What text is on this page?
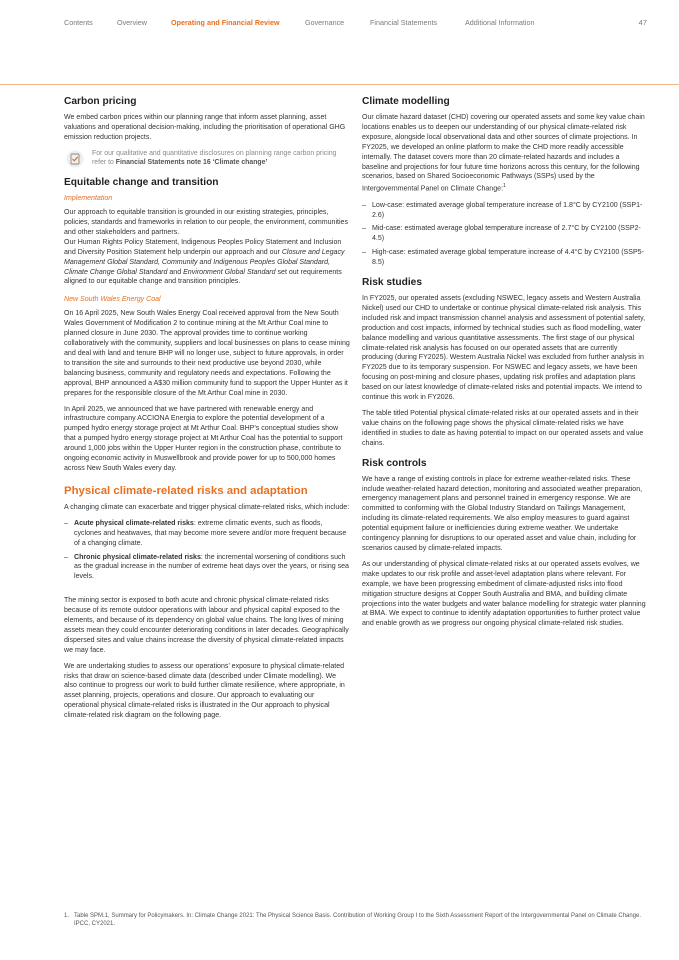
Contents	Overview	Operating and Financial Review	Governance	Financial Statements	Additional Information	47
Carbon pricing

We embed carbon prices within our planning range that inform asset planning, asset valuations and operational decision-making, including the prioritisation of operational GHG emission reduction projects.

For our qualitative and quantitative disclosures on planning range carbon pricing refer to Financial Statements note 16 ‘Climate change’
Equitable change and transition
Implementation

Our approach to equitable transition is grounded in our existing strategies, principles, policies, standards and frameworks in relation to our people, the environment, communities and other stakeholders and partners.

Our Human Rights Policy Statement, Indigenous Peoples Policy Statement and Inclusion and Diversity Position Statement help underpin our approach and our Closure and Legacy Management Global Standard, Community and Indigenous Peoples Global Standard, Climate Change Global Standard and Environment Global Standard set out requirements aligned to our equitable change and transition principles.

New South Wales Energy Coal

On 16 April 2025, New South Wales Energy Coal received approval from the New South Wales Government of Modification 2 to continue mining at the Mt Arthur Coal mine to planned closure in June 2030. The approval provides time to continue working collaboratively with the community, suppliers and local businesses on plans to cease mining and deal with land and tenure BHP will no longer use, subject to future approvals, in order to transition the site and surrounds to their next productive use beyond 2030, while balancing business, community and regulatory needs and expectations. Following the approval, BHP announced a A$30 million community fund to support the Upper Hunter as it prepares for the responsible closure of the Mt Arthur Coal mine in 2030.

In April 2025, we announced that we have partnered with renewable energy and infrastructure company ACCIONA Energia to explore the potential development of a pumped hydro energy storage project at Mt Arthur Coal. BHP’s conceptual studies show that a pumped hydro energy storage project at Mt Arthur Coal has the potential to support around 1,000 jobs within the Upper Hunter region in the construction phase, contribute to ongoing economic activity in Muswellbrook and provide power for up to 500,000 homes across New South Wales every day.

Physical climate-related risks and adaptation

A changing climate can exacerbate and trigger physical climate-related risks, which include:

– Acute physical climate-related risks: extreme climatic events, such as floods, cyclones and heatwaves, that may become more severe and/or more frequent because of a changing climate.
– Chronic physical climate-related risks: the incremental worsening of conditions such as the gradual increase in the number of extreme heat days over the years, or rising sea levels.

The mining sector is exposed to both acute and chronic physical climate-related risks because of its remote outdoor operations with labour and physical capital exposed to the elements, and because of its dependency on global value chains. The long lives of mining assets mean they could encounter deteriorating conditions in later decades. Geographically dispersed sites and value chains increase the diversity of physical climate-related impacts we may face.

We are undertaking studies to assess our operations’ exposure to physical climate-related risks that draw on science-based climate data (described under Climate modelling). We also continue to progress our work to build further climate resilience, where appropriate, in asset planning, projects, operations and closure. Our approach to evaluating our operational physical climate-related risks is illustrated in the Our approach to physical climate-related risk diagram on the following page.

Climate modelling

Our climate hazard dataset (CHD) covering our operated assets and some key value chain locations enables us to deepen our understanding of our physical climate-related risk exposure, alongside local observational data and other sources of climate projections. In FY2025, we developed an online platform to make the CHD more readily accessible internally. The dataset covers more than 20 climate-related hazards and includes a baseline and projections for four future time horizons across this century, for the following scenarios, based on Shared Socioeconomic Pathways (SSPs) used by the Intergovernmental Panel on Climate Change:$^1$

– Low-case: estimated average global temperature increase of 1.8°C by CY2100 (SSP1-2.6)
– Mid-case: estimated average global temperature increase of 2.7°C by CY2100 (SSP2-4.5)
– High-case: estimated average global temperature increase of 4.4°C by CY2100 (SSP5-8.5)
Risk studies

In FY2025, our operated assets (excluding NSWEC, legacy assets and Western Australia Nickel) used our CHD to undertake or continue physical climate-related risk analysis. This included risk and impact transmission channel analysis and assessment of potential safety, production and cost impacts, informed by technical studies such as flood modelling, water balance modelling and various quantitative assessments. The first stage of our physical climate-related risk analysis has focused on our operated assets that are currently producing (during FY2025). Western Australia Nickel was excluded from further analysis in FY2025 due to its temporary suspension. For NSWEC and legacy assets, we have been focusing on post-mining and closure phases, updating risk profiles and adaptation plans based on our latest knowledge of climate-related risks and potential impacts. We intend to continue this work in FY2026.

The table titled Potential physical climate-related risks at our operated assets and in their value chains on the following page shows the physical climate-related risks we have identified in studies to date as having potential to impact on our operated assets and value chains.

Risk controls

We have a range of existing controls in place for extreme weather-related risks. These include weather-related hazard detection, monitoring and associated weather preparation, emergency management plans and personnel trained in emergency response. We are committed to conforming with the Global Industry Standard on Tailings Management, including its climate-related requirements. We also employ measures to guard against potential equipment failure or inefficiencies during extreme weather. We undertake contingency planning for disruptions to our operated asset and value chain, including for scenarios caused by climate-related impacts.

As our understanding of physical climate-related risks at our operated assets evolves, we make updates to our risk profile and asset-level adaptation plans where relevant. For example, we have been progressing embedment of climate-adjusted risks into flood mitigation structure designs at Copper South Australia and BMA, and building climate projections into the water budgets and water balance modelling for strategic water planning at BMA. We expect to continue to identify adaptation opportunities to further protect value and enable growth as we progress our ongoing physical climate-related risk studies.

1. Table SPM.1, Summary for Policymakers. In: Climate Change 2021: The Physical Science Basis. Contribution of Working Group I to the Sixth Assessment Report of the Intergovernmental Panel on Climate Change. IPCC, CY2021.
